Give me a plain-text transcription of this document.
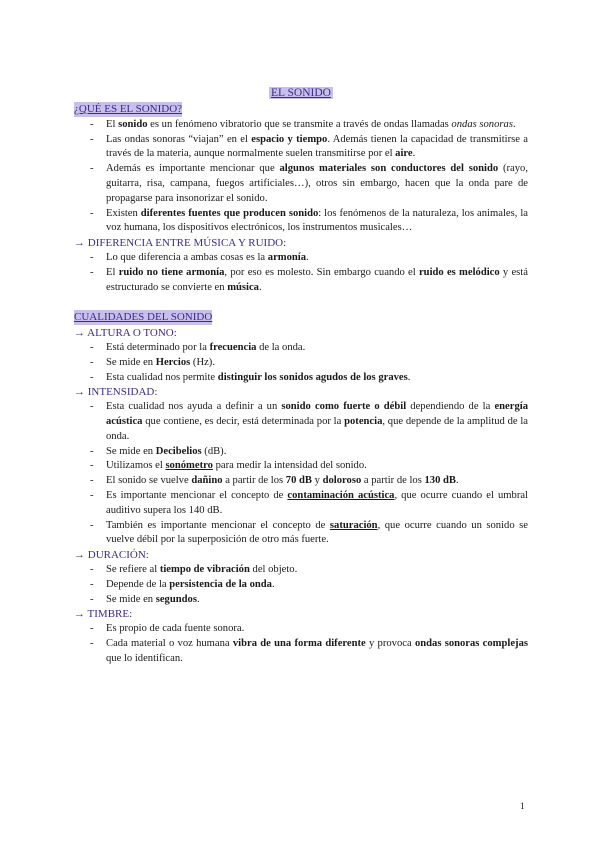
EL SONIDO
¿QUÉ ES EL SONIDO?
- El sonido es un fenómeno vibratorio que se transmite a través de ondas llamadas ondas sonoras.
- Las ondas sonoras “viajan” en el espacio y tiempo. Además tienen la capacidad de transmitirse a través de la materia, aunque normalmente suelen transmitirse por el aire.
- Además es importante mencionar que algunos materiales son conductores del sonido (rayo, guitarra, risa, campana, fuegos artificiales…), otros sin embargo, hacen que la onda pare de propagarse para insonorizar el sonido.
- Existen diferentes fuentes que producen sonido: los fenómenos de la naturaleza, los animales, la voz humana, los dispositivos electrónicos, los instrumentos musicales…
→ DIFERENCIA ENTRE MÚSICA Y RUIDO:
- Lo que diferencia a ambas cosas es la armonía.
- El ruido no tiene armonía, por eso es molesto. Sin embargo cuando el ruido es melódico y está estructurado se convierte en música.
CUALIDADES DEL SONIDO
→ ALTURA O TONO:
- Está determinado por la frecuencia de la onda.
- Se mide en Hercios (Hz).
- Esta cualidad nos permite distinguir los sonidos agudos de los graves.
→ INTENSIDAD:
- Esta cualidad nos ayuda a definir a un sonido como fuerte o débil dependiendo de la energía acústica que contiene, es decir, está determinada por la potencia, que depende de la amplitud de la onda.
- Se mide en Decibelios (dB).
- Utilizamos el sonómetro para medir la intensidad del sonido.
- El sonido se vuelve dañino a partir de los 70 dB y doloroso a partir de los 130 dB.
- Es importante mencionar el concepto de contaminación acústica, que ocurre cuando el umbral auditivo supera los 140 dB.
- También es importante mencionar el concepto de saturación, que ocurre cuando un sonido se vuelve débil por la superposición de otro más fuerte.
→ DURACIÓN:
- Se refiere al tiempo de vibración del objeto.
- Depende de la persistencia de la onda.
- Se mide en segundos.
→ TIMBRE:
- Es propio de cada fuente sonora.
- Cada material o voz humana vibra de una forma diferente y provoca ondas sonoras complejas que lo identifican.
1
